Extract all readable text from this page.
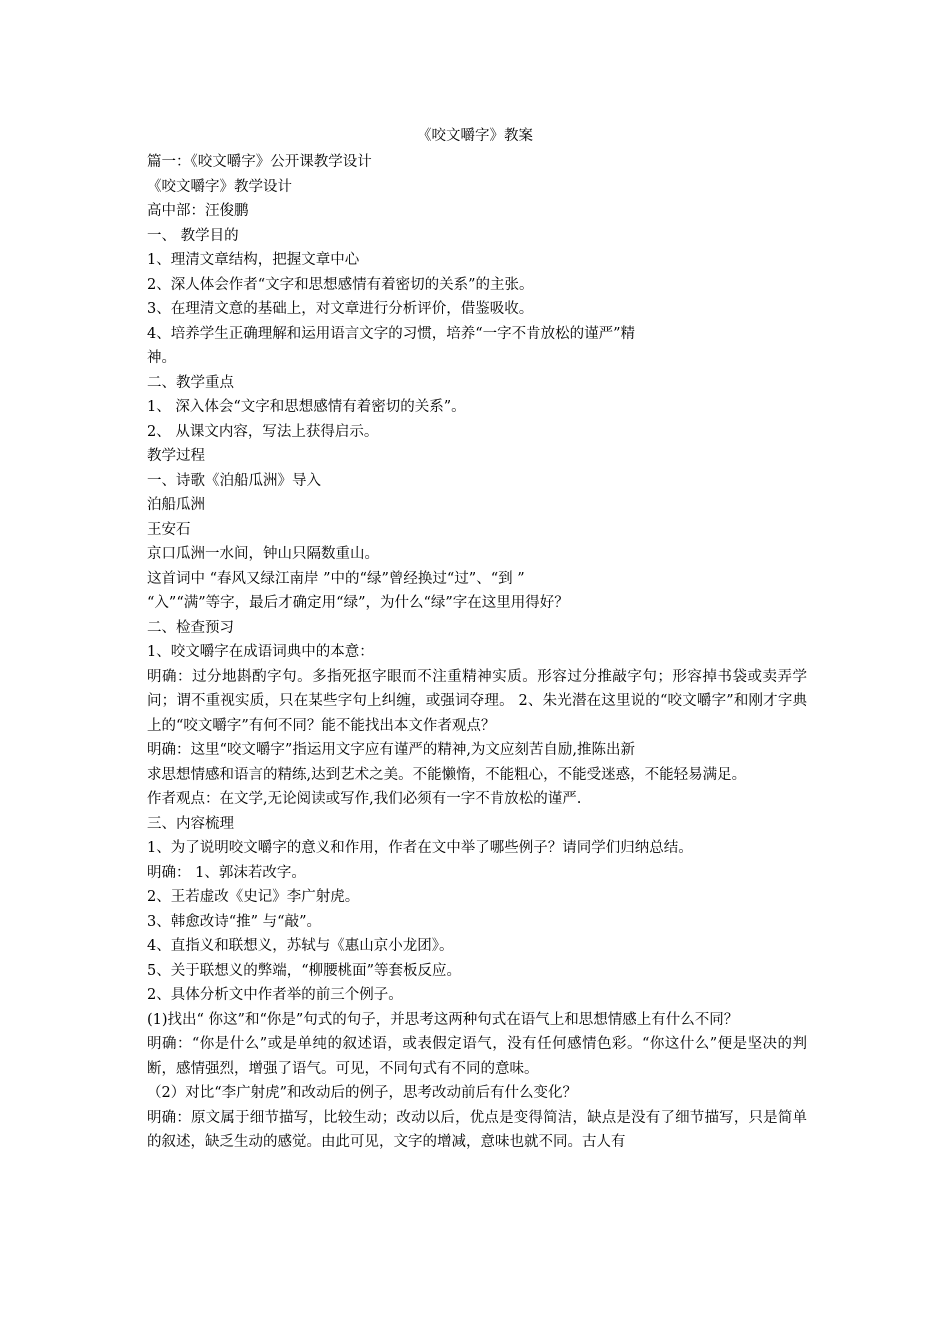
《咬文嚼字》教案
篇一：《咬文嚼字》公开课教学设计
《咬文嚼字》教学设计
高中部：汪俊鹏
一、 教学目的
1、理清文章结构，把握文章中心
2、深人体会作者“文字和思想感情有着密切的关系”的主张。
3、在理清文意的基础上，对文章进行分析评价，借鉴吸收。
4、培养学生正确理解和运用语言文字的习惯，培养“一字不肯放松的谨严”精
神。
二、教学重点
1、 深入体会“文字和思想感情有着密切的关系”。
2、 从课文内容，写法上获得启示。
教学过程
一、诗歌《泊船瓜洲》导入
泊船瓜洲
王安石
京口瓜洲一水间，钟山只隔数重山。
这首词中 “春风又绿江南岸 ”中的“绿”曾经换过“过”、“到 ”
“入”“满”等字，最后才确定用“绿”，为什么“绿”字在这里用得好？
二、检查预习
1、咬文嚼字在成语词典中的本意：
明确：过分地斟酌字句。多指死抠字眼而不注重精神实质。形容过分推敲字句；形容掉书袋或卖弄学问；谓不重视实质，只在某些字句上纠缠，或强词夺理。 2、朱光潜在这里说的“咬文嚼字”和刚才字典上的“咬文嚼字”有何不同？能不能找出本文作者观点？
明确：这里“咬文嚼字”指运用文字应有谨严的精神,为文应刻苦自励,推陈出新
求思想情感和语言的精练,达到艺术之美。不能懒惰，不能粗心，不能受迷惑，不能轻易满足。
作者观点：在文学,无论阅读或写作,我们必须有一字不肯放松的谨严.
三、内容梳理
1、为了说明咬文嚼字的意义和作用，作者在文中举了哪些例子？请同学们归纳总结。
明确： 1、郭沫若改字。
2、王若虚改《史记》李广射虎。
3、韩愈改诗“推” 与“敲”。
4、直指义和联想义，苏轼与《惠山京小龙团》。
5、关于联想义的弊端，“柳腰桃面”等套板反应。
2、具体分析文中作者举的前三个例子。
(1)找出“ 你这”和“你是”句式的句子，并思考这两种句式在语气上和思想情感上有什么不同？
明确：“你是什么”或是单纯的叙述语，或表假定语气，没有任何感情色彩。“你这什么”便是坚决的判断，感情强烈，增强了语气。可见，不同句式有不同的意味。
（2）对比“李广射虎”和改动后的例子，思考改动前后有什么变化？
明确：原文属于细节描写，比较生动；改动以后，优点是变得简洁，缺点是没有了细节描写，只是简单的叙述，缺乏生动的感觉。由此可见，文字的增减，意味也就不同。古人有
